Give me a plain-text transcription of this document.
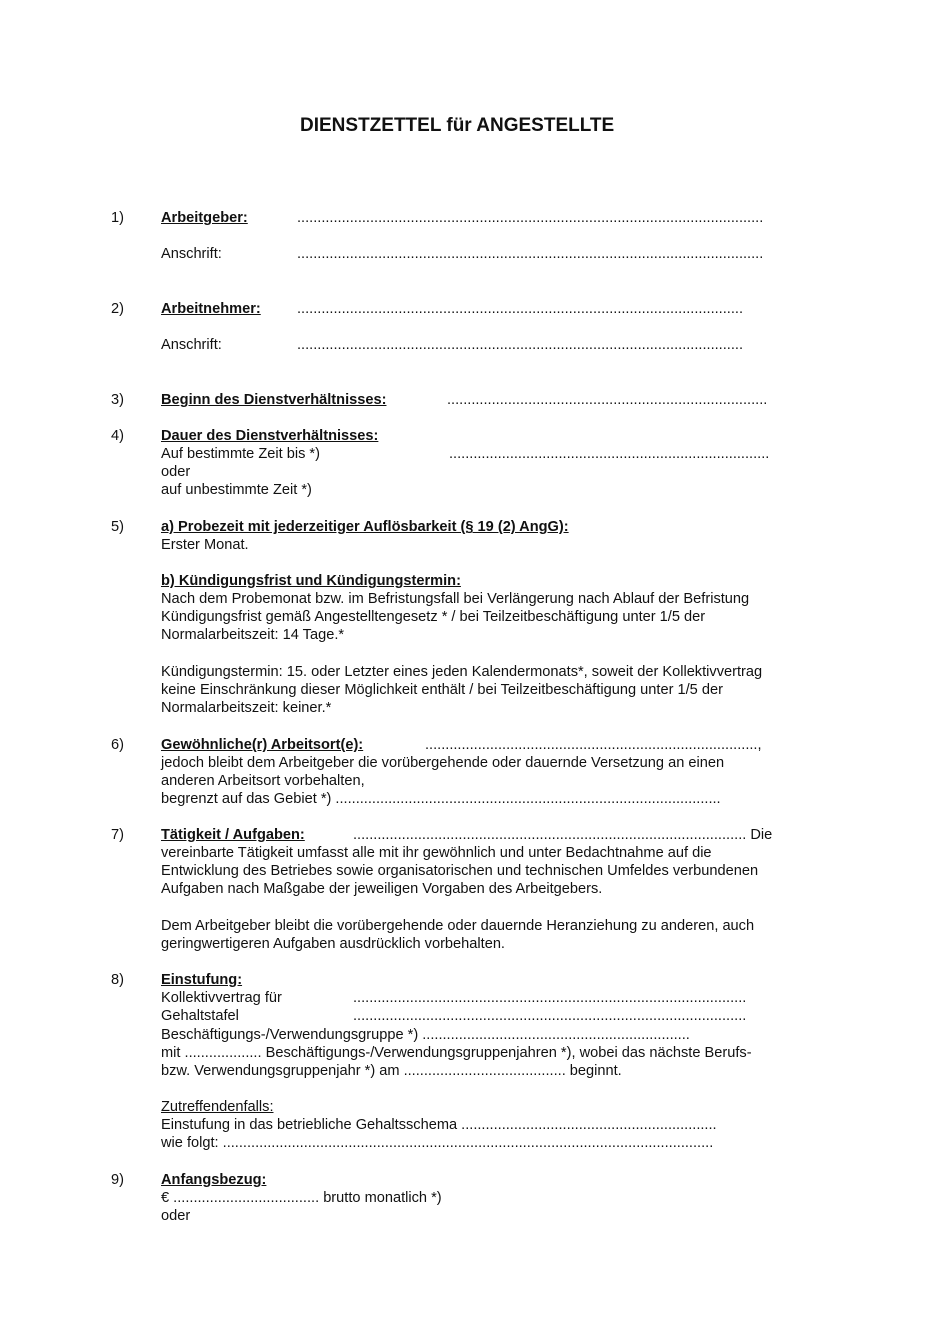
DIENSTZETTEL für ANGESTELLTE
1)	Arbeitgeber:	...................................................................................................................
Anschrift:	...................................................................................................................
2)	Arbeitnehmer: ..............................................................................................................
Anschrift:	..............................................................................................................
3)	Beginn des Dienstverhältnisses:	...............................................................................
4)	Dauer des Dienstverhältnisses:
Auf bestimmte Zeit bis *)	...............................................................................
oder
auf unbestimmte Zeit *)
5)	a) Probezeit mit jederzeitiger Auflösbarkeit (§ 19 (2) AngG):
Erster Monat.
b) Kündigungsfrist und Kündigungstermin:
Nach dem Probemonat bzw. im Befristungsfall bei Verlängerung nach Ablauf der Befristung
Kündigungsfrist gemäß Angestelltengesetz * / bei Teilzeitbeschäftigung unter 1/5 der
Normalarbeitszeit: 14 Tage.*
Kündigungstermin: 15. oder Letzter eines jeden Kalendermonats*, soweit der Kollektivvertrag
keine Einschränkung dieser Möglichkeit enthält / bei Teilzeitbeschäftigung unter 1/5 der
Normalarbeitszeit: keiner.*
6)	Gewöhnliche(r) Arbeitsort(e):	..................................................................................,
jedoch bleibt dem Arbeitgeber die vorübergehende oder dauernde Versetzung an einen
anderen Arbeitsort vorbehalten,
begrenzt auf das Gebiet *) ...............................................................................................
7)	Tätigkeit / Aufgaben:	................................................................................................. Die
vereinbarte Tätigkeit umfasst alle mit ihr gewöhnlich und unter Bedachtnahme auf die
Entwicklung des Betriebes sowie organisatorischen und technischen Umfeldes verbundenen
Aufgaben nach Maßgabe der jeweiligen Vorgaben des Arbeitgebers.
Dem Arbeitgeber bleibt die vorübergehende oder dauernde Heranziehung zu anderen, auch
geringwertigeren Aufgaben ausdrücklich vorbehalten.
8)	Einstufung:
Kollektivvertrag für	.................................................................................................
Gehaltstafel	.................................................................................................
Beschäftigungs-/Verwendungsgruppe *) ..................................................................
mit ................... Beschäftigungs-/Verwendungsgruppenjahren *), wobei das nächste Berufs-
bzw. Verwendungsgruppenjahr *) am ........................................ beginnt.
Zutreffendenfalls:
Einstufung in das betriebliche Gehaltsschema ...............................................................
wie folgt: .........................................................................................................................
9)	Anfangsbezug:
€ .................................... brutto monatlich *)
oder
